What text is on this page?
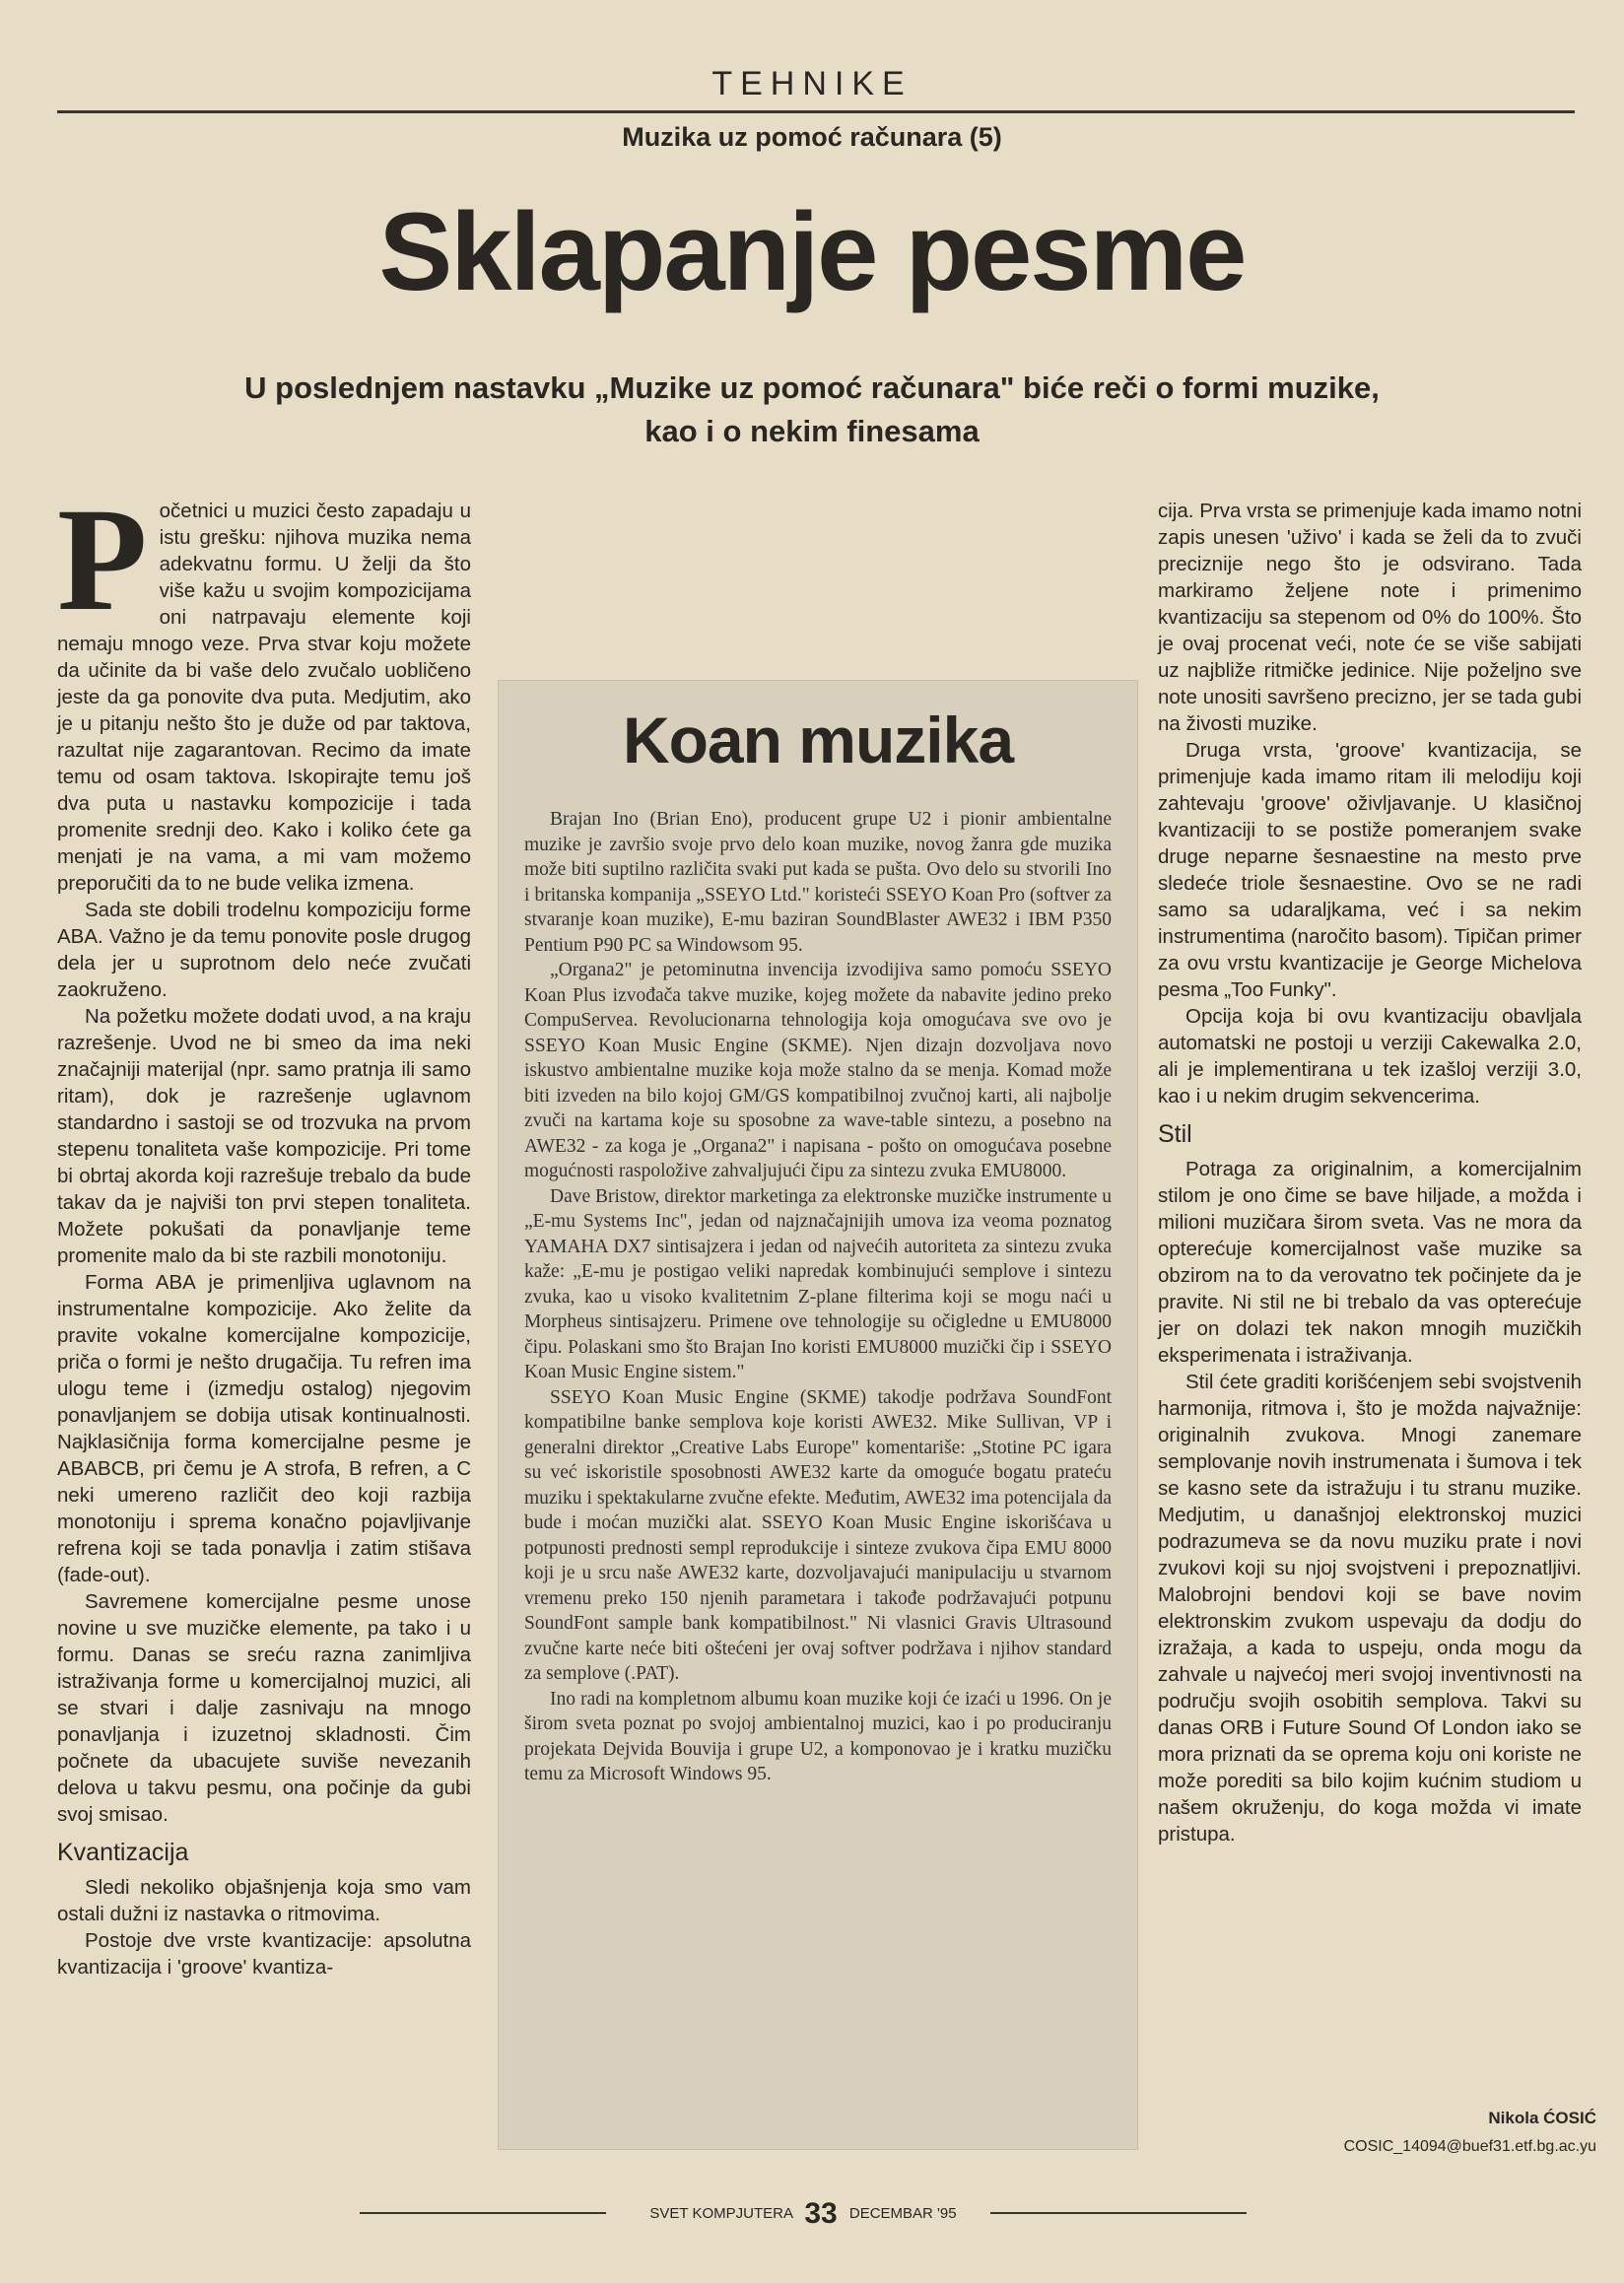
TEHNIKE
Muzika uz pomoć računara (5)
Sklapanje pesme
U poslednjem nastavku „Muzike uz pomoć računara" biće reči o formi muzike,
kao i o nekim finesama
P očetnici u muzici često zapadaju u istu grešku: njihova muzika nema adekvatnu formu. U želji da što više kažu u svojim kompozicijama oni natrpavaju elemente koji nemaju mnogo veze. Prva stvar koju možete da učinite da bi vaše delo zvučalo uobličeno jeste da ga ponovite dva puta. Medjutim, ako je u pitanju nešto što je duže od par taktova, razultat nije zagarantovan. Recimo da imate temu od osam taktova. Iskopirajte temu još dva puta u nastavku kompozicije i tada promenite srednji deo. Kako i koliko ćete ga menjati je na vama, a mi vam možemo preporučiti da to ne bude velika izmena.

Sada ste dobili trodelnu kompoziciju forme ABA. Važno je da temu ponovite posle drugog dela jer u suprotnom delo neće zvučati zaokruženo.

Na požetku možete dodati uvod, a na kraju razrešenje. Uvod ne bi smeo da ima neki značajniji materijal (npr. samo pratnja ili samo ritam), dok je razrešenje uglavnom standardno i sastoji se od trozvuka na prvom stepenu tonaliteta vaše kompozicije. Pri tome bi obrtaj akorda koji razrešuje trebalo da bude takav da je najviši ton prvi stepen tonaliteta. Možete pokušati da ponavljanje teme promenite malo da bi ste razbili monotoniju.

Forma ABA je primenljiva uglavnom na instrumentalne kompozicije. Ako želite da pravite vokalne komercijalne kompozicije, priča o formi je nešto drugačija. Tu refren ima ulogu teme i (izmedju ostalog) njegovim ponavljanjem se dobija utisak kontinualnosti. Najklasičnija forma komercijalne pesme je ABABCB, pri čemu je A strofa, B refren, a C neki umereno različit deo koji razbija monotoniju i sprema konačno pojavljivanje refrena koji se tada ponavlja i zatim stišava (fade-out).

Savremene komercijalne pesme unose novine u sve muzičke elemente, pa tako i u formu. Danas se sreću razna zanimljiva istraživanja forme u komercijalnoj muzici, ali se stvari i dalje zasnivaju na mnogo ponavljanja i izuzetnoj skladnosti. Čim počnete da ubacujete suviše nevezanih delova u takvu pesmu, ona počinje da gubi svoj smisao.

Kvantizacija

Sledi nekoliko objašnjenja koja smo vam ostali dužni iz nastavka o ritmovima.

Postoje dve vrste kvantizacije: apsolutna kvantizacija i 'groove' kvantiza-

Koan muzika

Brajan Ino (Brian Eno), producent grupe U2 i pionir ambientalne muzike je završio svoje prvo delo koan muzike, novog žanra gde muzika može biti suptilno različita svaki put kada se pušta. Ovo delo su stvorili Ino i britanska kompanija „SSEYO Ltd." koristeći SSEYO Koan Pro (softver za stvaranje koan muzike), E-mu baziran SoundBlaster AWE32 i IBM P350 Pentium P90 PC sa Windowsom 95.

„Organa2" je petominutna invencija izvodijiva samo pomoću SSEYO Koan Plus izvođača takve muzike, kojeg možete da nabavite jedino preko CompuServea. Revolucionarna tehnologija koja omogućava sve ovo je SSEYO Koan Music Engine (SKME). Njen dizajn dozvoljava novo iskustvo ambientalne muzike koja može stalno da se menja. Komad može biti izveden na bilo kojoj GM/GS kompatibilnoj zvučnoj karti, ali najbolje zvuči na kartama koje su sposobne za wave-table sintezu, a posebno na AWE32 - za koga je „Organa2" i napisana - pošto on omogućava posebne mogućnosti raspoložive zahvaljujući čipu za sintezu zvuka EMU8000.

Dave Bristow, direktor marketinga za elektronske muzičke instrumente u „E-mu Systems Inc", jedan od najznačajnijih umova iza veoma poznatog YAMAHA DX7 sintisajzera i jedan od najvećih autoriteta za sintezu zvuka kaže: „E-mu je postigao veliki napredak kombinujući semplove i sintezu zvuka, kao u visoko kvalitetnim Z-plane filterima koji se mogu naći u Morpheus sintisajzeru. Primene ove tehnologije su očigledne u EMU8000 čipu. Polaskani smo što Brajan Ino koristi EMU8000 muzički čip i SSEYO Koan Music Engine sistem."

SSEYO Koan Music Engine (SKME) takodje podržava SoundFont kompatibilne banke semplova koje koristi AWE32. Mike Sullivan, VP i generalni direktor „Creative Labs Europe" komentariše: „Stotine PC igara su već iskoristile sposobnosti AWE32 karte da omoguće bogatu prateću muziku i spektakularne zvučne efekte. Međutim, AWE32 ima potencijala da bude i moćan muzički alat. SSEYO Koan Music Engine iskorišćava u potpunosti prednosti sempl reprodukcije i sinteze zvukova čipa EMU 8000 koji je u srcu naše AWE32 karte, dozvoljavajući manipulaciju u stvarnom vremenu preko 150 njenih parametara i takođe podržavajući potpunu SoundFont sample bank kompatibilnost." Ni vlasnici Gravis Ultrasound zvučne karte neće biti oštećeni jer ovaj softver podržava i njihov standard za semplove (.PAT).

Ino radi na kompletnom albumu koan muzike koji će izaći u 1996. On je širom sveta poznat po svojoj ambientalnoj muzici, kao i po produciranju projekata Dejvida Bouvija i grupe U2, a komponovao je i kratku muzičku temu za Microsoft Windows 95.

cija. Prva vrsta se primenjuje kada imamo notni zapis unesen 'uživo' i kada se želi da to zvuči preciznije nego što je odsvirano. Tada markiramo željene note i primenimo kvantizaciju sa stepenom od 0% do 100%. Što je ovaj procenat veći, note će se više sabijati uz najbliže ritmičke jedinice. Nije poželjno sve note unositi savršeno precizno, jer se tada gubi na živosti muzike.

Druga vrsta, 'groove' kvantizacija, se primenjuje kada imamo ritam ili melodiju koji zahtevaju 'groove' oživljavanje. U klasičnoj kvantizaciji to se postiže pomeranjem svake druge neparne šesnaestine na mesto prve sledeće triole šesnaestine. Ovo se ne radi samo sa udaraljkama, već i sa nekim instrumentima (naročito basom). Tipičan primer za ovu vrstu kvantizacije je George Michelova pesma „Too Funky".

Opcija koja bi ovu kvantizaciju obavljala automatski ne postoji u verziji Cakewalka 2.0, ali je implementirana u tek izašloj verziji 3.0, kao i u nekim drugim sekvencerima.

Stil

Potraga za originalnim, a komercijalnim stilom je ono čime se bave hiljade, a možda i milioni muzičara širom sveta. Vas ne mora da opterećuje komercijalnost vaše muzike sa obzirom na to da verovatno tek počinjete da je pravite. Ni stil ne bi trebalo da vas opterećuje jer on dolazi tek nakon mnogih muzičkih eksperimenata i istraživanja.

Stil ćete graditi korišćenjem sebi svojstvenih harmonija, ritmova i, što je možda najvažnije: originalnih zvukova. Mnogi zanemare semplovanje novih instrumenata i šumova i tek se kasno sete da istražuju i tu stranu muzike. Medjutim, u današnjoj elektronskoj muzici podrazumeva se da novu muziku prate i novi zvukovi koji su njoj svojstveni i prepoznatljivi. Malobrojni bendovi koji se bave novim elektronskim zvukom uspevaju da dodju do izražaja, a kada to uspeju, onda mogu da zahvale u najvećoj meri svojoj inventivnosti na području svojih osobitih semplova. Takvi su danas ORB i Future Sound Of London iako se mora priznati da se oprema koju oni koriste ne može porediti sa bilo kojim kućnim studiom u našem okruženju, do koga možda vi imate pristupa.

Nikola ĆOSIĆ
COSIC_14094@buef31.etf.bg.ac.yu
SVET KOMPJUTERA 33 DECEMBAR '95
